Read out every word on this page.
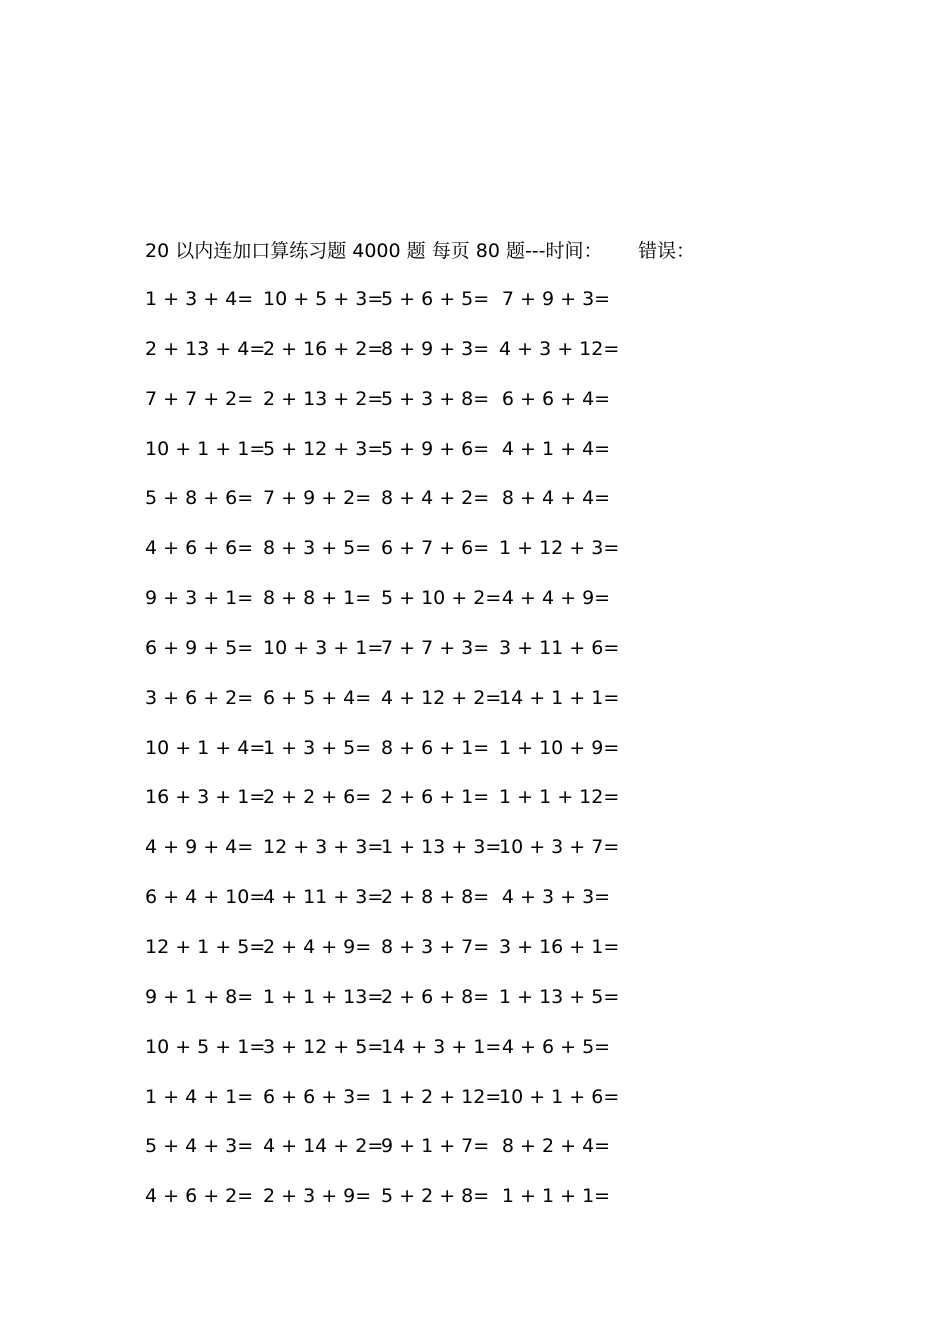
20 以内连加口算练习题 4000 题 每页 80 题---时间： 错误：
1 + 3 + 4= 10 + 5 + 3=
5 + 6 + 5= 7 + 9 + 3=
2 + 13 + 4=
2 + 16 + 2=
8 + 9 + 3= 4 + 3 + 12=
7 + 7 + 2= 2 + 13 + 2=
5 + 3 + 8= 6 + 6 + 4=
10 + 1 + 1=
5 + 12 + 3=
5 + 9 + 6= 4 + 1 + 4=
5 + 8 + 6= 7 + 9 + 2= 8 + 4 + 2= 8 + 4 + 4=
4 + 6 + 6= 8 + 3 + 5= 6 + 7 + 6= 1 + 12 + 3=
9 + 3 + 1= 8 + 8 + 1= 5 + 10 + 2= 4 + 4 + 9=
6 + 9 + 5= 10 + 3 + 1=
7 + 7 + 3= 3 + 11 + 6=
3 + 6 + 2= 6 + 5 + 4= 4 + 12 + 2=
14 + 1 + 1=
10 + 1 + 4=
1 + 3 + 5= 8 + 6 + 1= 1 + 10 + 9=
16 + 3 + 1=
2 + 2 + 6= 2 + 6 + 1= 1 + 1 + 12=
4 + 9 + 4= 12 + 3 + 3=
1 + 13 + 3=
10 + 3 + 7=
6 + 4 + 10=
4 + 11 + 3=
2 + 8 + 8= 4 + 3 + 3=
12 + 1 + 5=
2 + 4 + 9= 8 + 3 + 7= 3 + 16 + 1=
9 + 1 + 8= 1 + 1 + 13=
2 + 6 + 8= 1 + 13 + 5=
10 + 5 + 1=
3 + 12 + 5=
14 + 3 + 1= 4 + 6 + 5=
1 + 4 + 1= 6 + 6 + 3= 1 + 2 + 12=
10 + 1 + 6=
5 + 4 + 3= 4 + 14 + 2=
9 + 1 + 7= 8 + 2 + 4=
4 + 6 + 2= 2 + 3 + 9= 5 + 2 + 8= 1 + 1 + 1=
